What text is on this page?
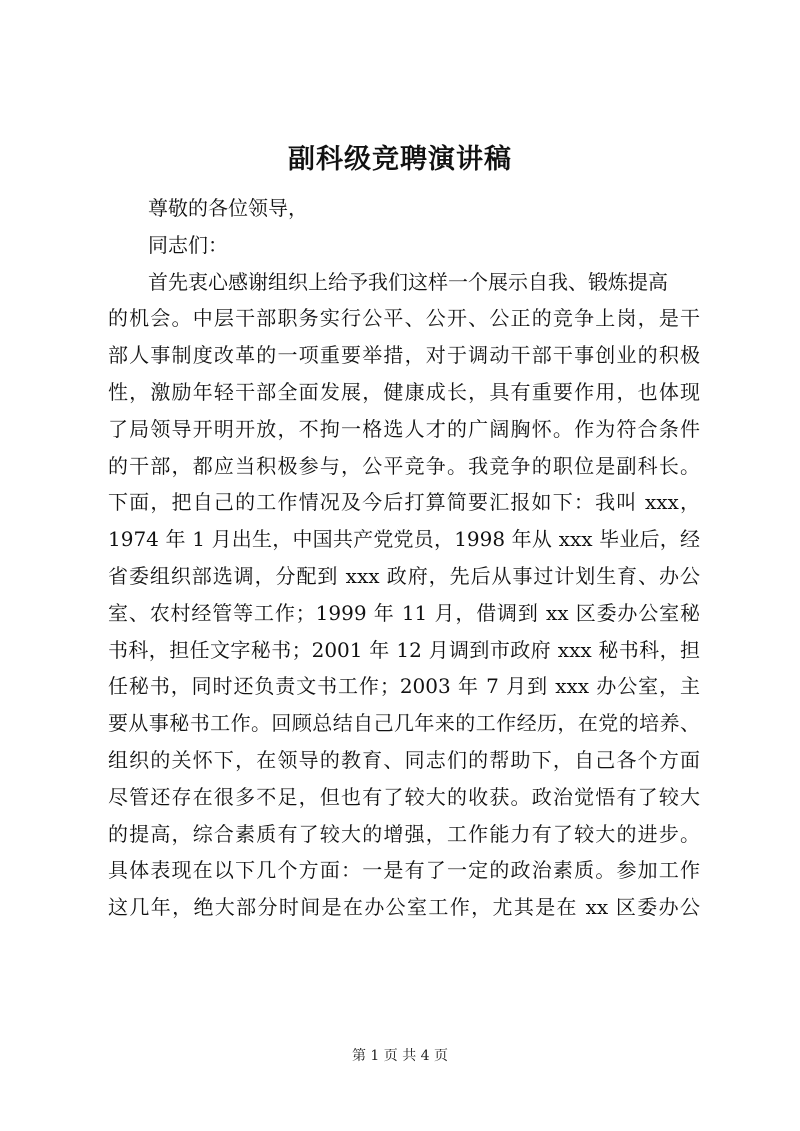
副科级竞聘演讲稿
尊敬的各位领导，
同志们：
首先衷心感谢组织上给予我们这样一个展示自我、锻炼提高
的机会。中层干部职务实行公平、公开、公正的竞争上岗，是干
部人事制度改革的一项重要举措，对于调动干部干事创业的积极
性，激励年轻干部全面发展，健康成长，具有重要作用，也体现
了局领导开明开放，不拘一格选人才的广阔胸怀。作为符合条件
的干部，都应当积极参与，公平竞争。我竞争的职位是副科长。
下面，把自己的工作情况及今后打算简要汇报如下：我叫 xxx，
1974 年 1 月出生，中国共产党党员，1998 年从 xxx 毕业后，经
省委组织部选调，分配到 xxx 政府，先后从事过计划生育、办公
室、农村经管等工作；1999 年 11 月，借调到 xx 区委办公室秘
书科，担任文字秘书；2001 年 12 月调到市政府 xxx 秘书科，担
任秘书，同时还负责文书工作；2003 年 7 月到 xxx 办公室，主
要从事秘书工作。回顾总结自己几年来的工作经历，在党的培养、
组织的关怀下，在领导的教育、同志们的帮助下，自己各个方面
尽管还存在很多不足，但也有了较大的收获。政治觉悟有了较大
的提高，综合素质有了较大的增强，工作能力有了较大的进步。
具体表现在以下几个方面：一是有了一定的政治素质。参加工作
这几年，绝大部分时间是在办公室工作，尤其是在 xx 区委办公
第 1 页 共 4 页
